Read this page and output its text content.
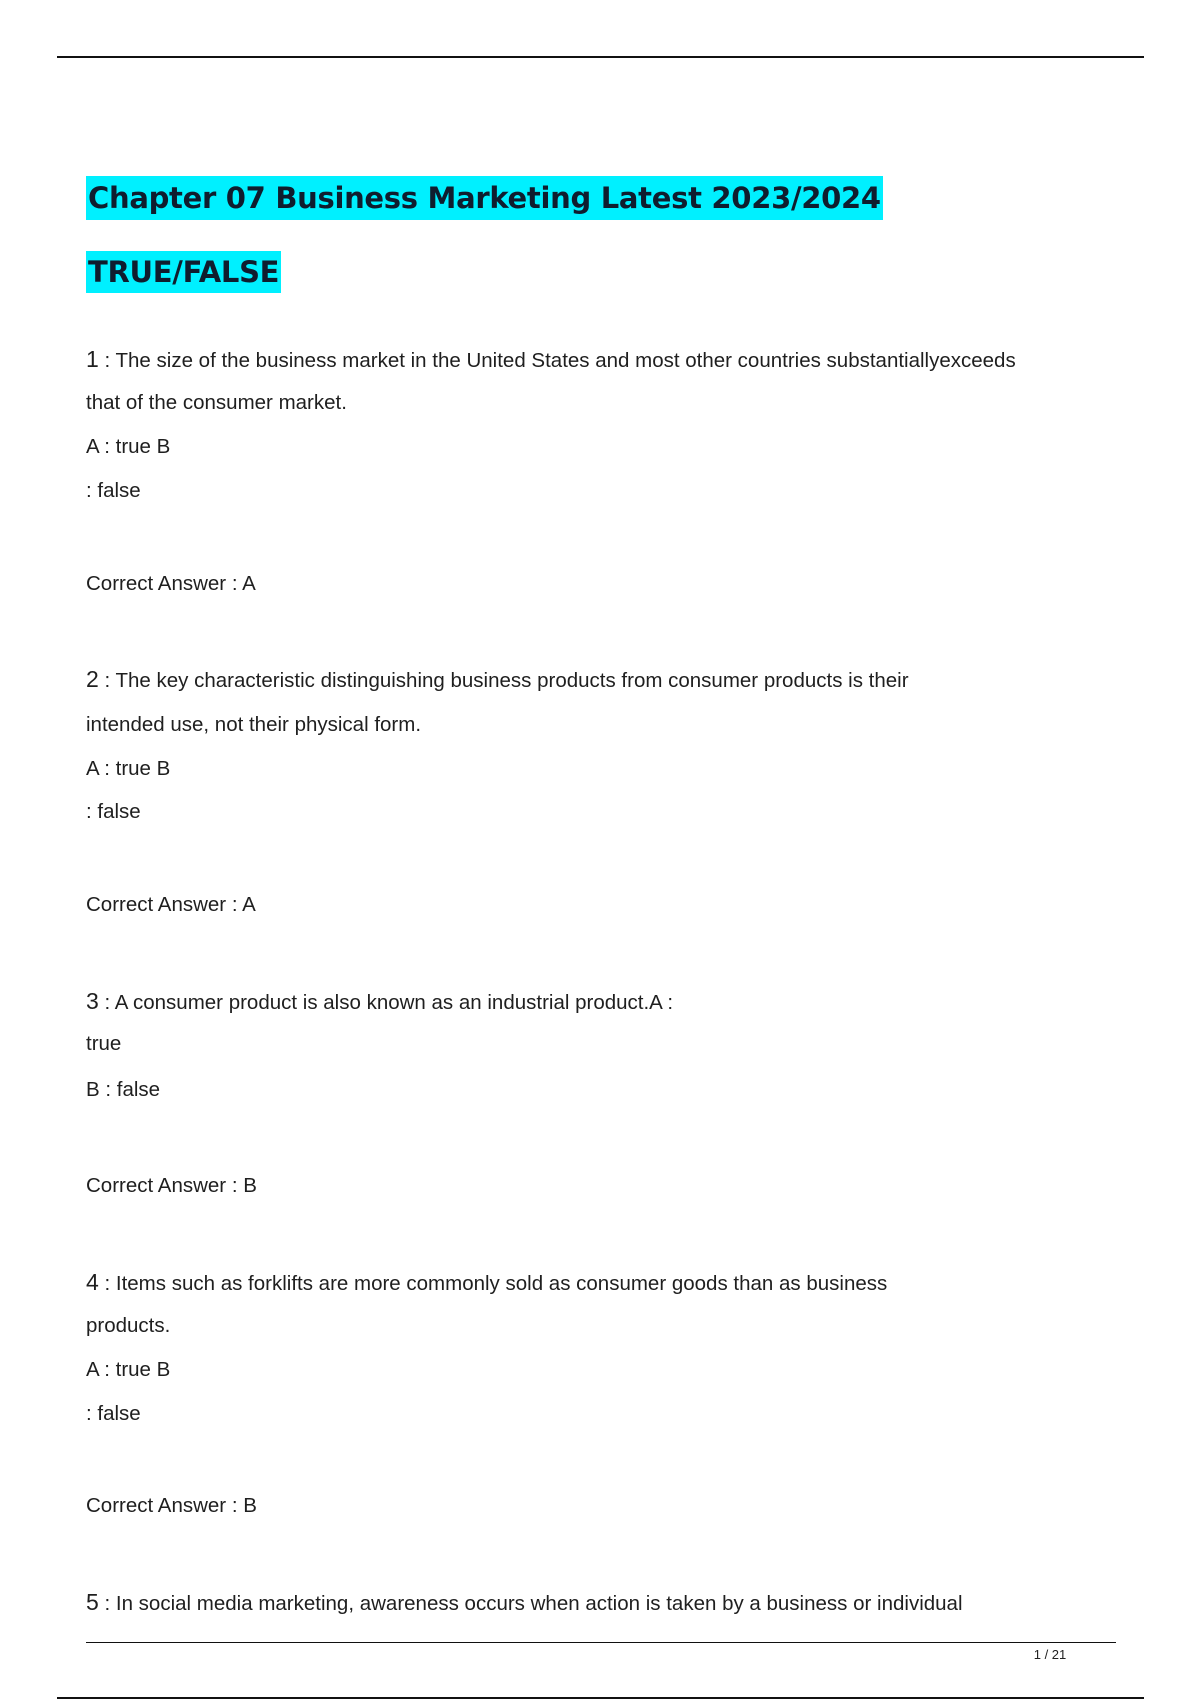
Chapter 07 Business Marketing Latest 2023/2024
TRUE/FALSE
1 : The size of the business market in the United States and most other countries substantiallyexceeds
that of the consumer market.
A : true B
: false
Correct Answer : A
2 : The key characteristic distinguishing business products from consumer products is their
intended use, not their physical form.
A : true B
: false
Correct Answer : A
3 : A consumer product is also known as an industrial product.A :
true
B : false
Correct Answer : B
4 : Items such as forklifts are more commonly sold as consumer goods than as business
products.
A : true B
: false
Correct Answer : B
5 : In social media marketing, awareness occurs when action is taken by a business or individual
1 / 21
